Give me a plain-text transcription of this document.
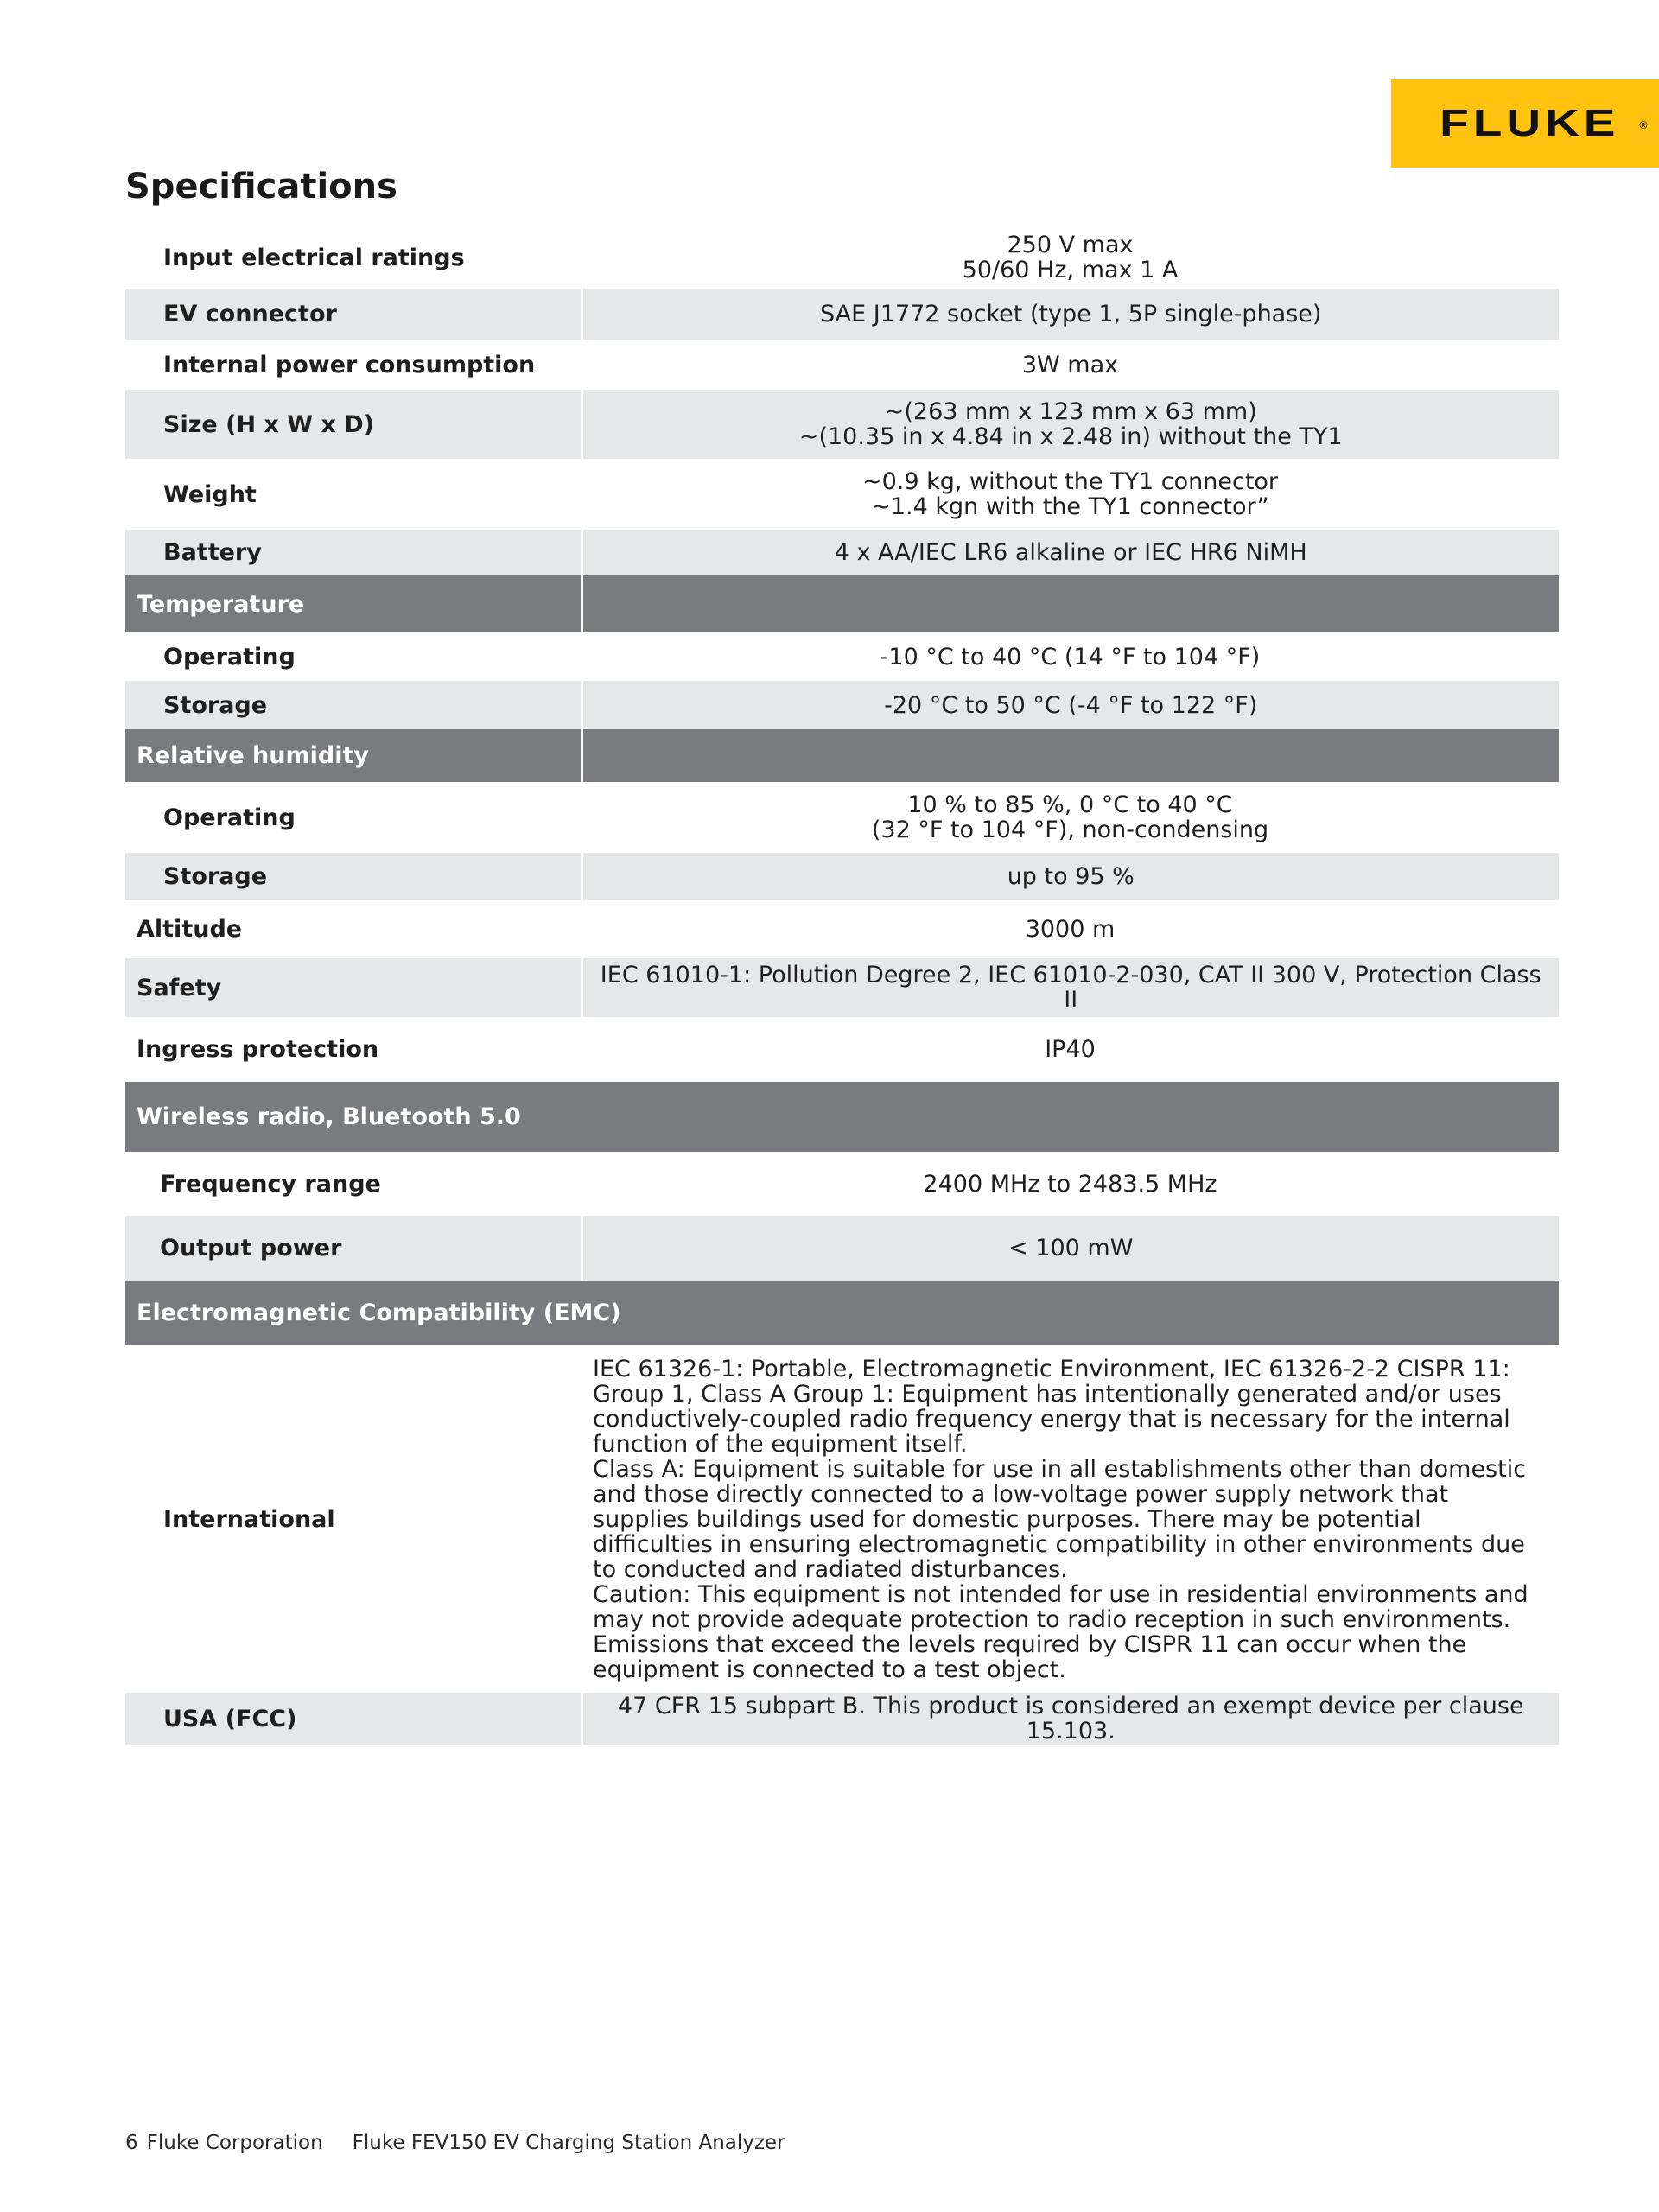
FLUKE ®
Specifications
Input electrical ratings	250 V max
50/60 Hz, max 1 A

EV connector	SAE J1772 socket (type 1, 5P single-phase)
Internal power consumption	3W max
Size (H x W x D)	~(263 mm x 123 mm x 63 mm)
~(10.35 in x 4.84 in x 2.48 in) without the TY1

Weight	~0.9 kg, without the TY1 connector
~1.4 kgn with the TY1 connector”

Battery	4 x AA/IEC LR6 alkaline or IEC HR6 NiMH
Temperature	
Operating	-10 °C to 40 °C (14 °F to 104 °F)
Storage	-20 °C to 50 °C (-4 °F to 122 °F)
Relative humidity	
Operating	10 % to 85 %, 0 °C to 40 °C
(32 °F to 104 °F), non-condensing

Storage	up to 95 %
Altitude	3000 m
Safety	IEC 61010-1: Pollution Degree 2, IEC 61010-2-030, CAT II 300 V, Protection Class II
Ingress protection	IP40
Wireless radio, Bluetooth 5.0	
Frequency range	2400 MHz to 2483.5 MHz
Output power	< 100 mW
Electromagnetic Compatibility (EMC)	
International	IEC 61326-1: Portable, Electromagnetic Environment, IEC 61326-2-2 CISPR 11: Group 1, Class A Group 1: Equipment has intentionally generated and/or uses conductively-coupled radio frequency energy that is necessary for the internal function of the equipment itself.
Class A: Equipment is suitable for use in all establishments other than domestic and those directly connected to a low-voltage power supply network that supplies buildings used for domestic purposes. There may be potential difficulties in ensuring electromagnetic compatibility in other environments due to conducted and radiated disturbances.
Caution: This equipment is not intended for use in residential environments and may not provide adequate protection to radio reception in such environments. Emissions that exceed the levels required by CISPR 11 can occur when the equipment is connected to a test object.

USA (FCC)	47 CFR 15 subpart B. This product is considered an exempt device per clause 15.103.
6 Fluke Corporation Fluke FEV150 EV Charging Station Analyzer
